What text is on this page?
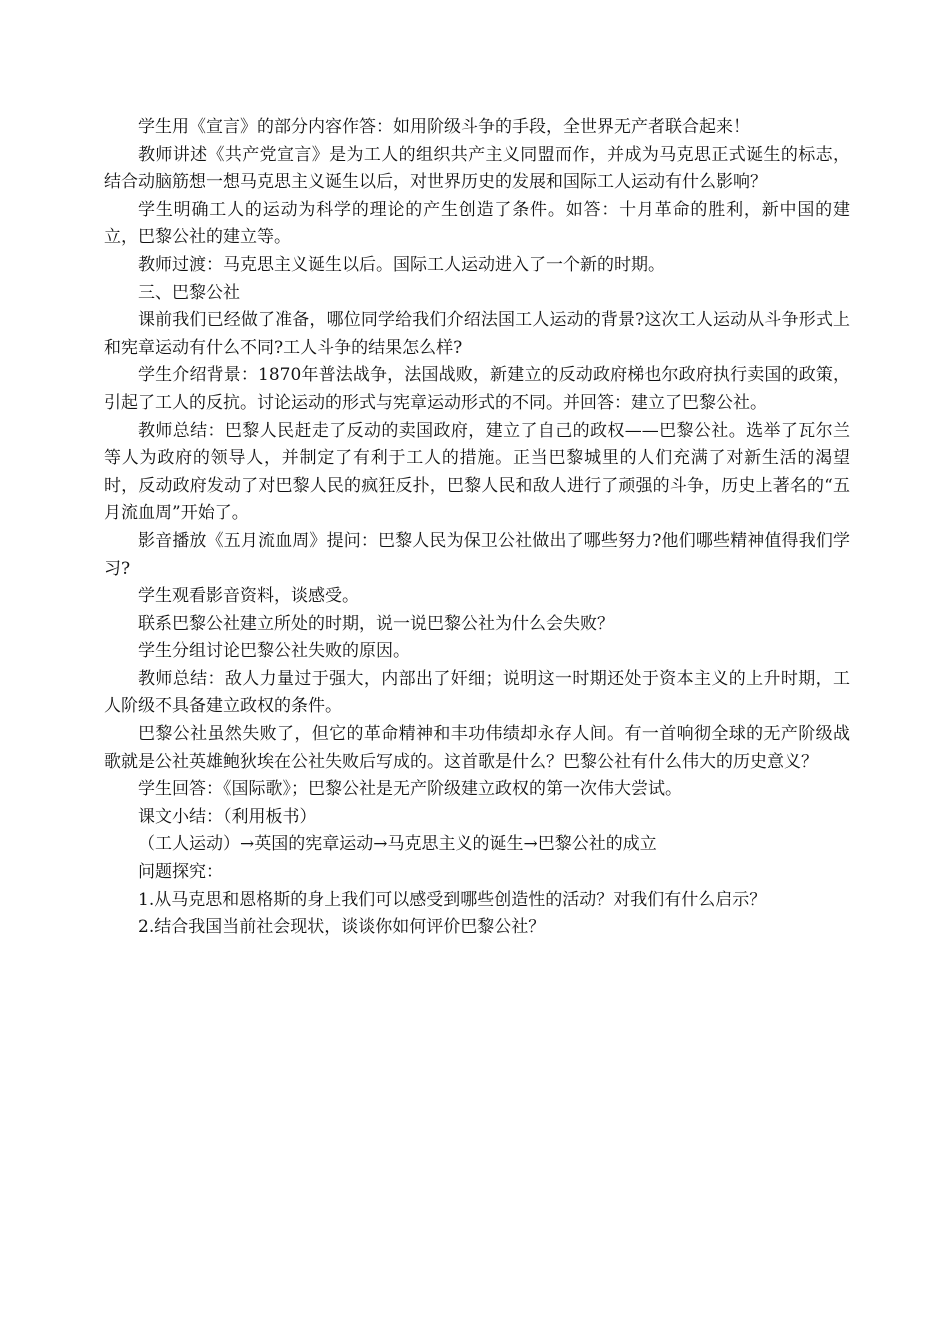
学生用《宣言》的部分内容作答：如用阶级斗争的手段，全世界无产者联合起来！

教师讲述《共产党宣言》是为工人的组织共产主义同盟而作，并成为马克思正式诞生的标志，结合动脑筋想一想马克思主义诞生以后，对世界历史的发展和国际工人运动有什么影响？

学生明确工人的运动为科学的理论的产生创造了条件。如答：十月革命的胜利，新中国的建立，巴黎公社的建立等。

教师过渡：马克思主义诞生以后。国际工人运动进入了一个新的时期。

三、巴黎公社

课前我们已经做了准备，哪位同学给我们介绍法国工人运动的背景?这次工人运动从斗争形式上和宪章运动有什么不同?工人斗争的结果怎么样?

学生介绍背景：1870年普法战争，法国战败，新建立的反动政府梯也尔政府执行卖国的政策，引起了工人的反抗。讨论运动的形式与宪章运动形式的不同。并回答：建立了巴黎公社。

教师总结：巴黎人民赶走了反动的卖国政府，建立了自己的政权——巴黎公社。选举了瓦尔兰等人为政府的领导人，并制定了有利于工人的措施。正当巴黎城里的人们充满了对新生活的渴望时，反动政府发动了对巴黎人民的疯狂反扑，巴黎人民和敌人进行了顽强的斗争，历史上著名的“五月流血周”开始了。

影音播放《五月流血周》提问：巴黎人民为保卫公社做出了哪些努力?他们哪些精神值得我们学习?

学生观看影音资料，谈感受。

联系巴黎公社建立所处的时期，说一说巴黎公社为什么会失败？

学生分组讨论巴黎公社失败的原因。

教师总结：敌人力量过于强大，内部出了奸细；说明这一时期还处于资本主义的上升时期，工人阶级不具备建立政权的条件。

巴黎公社虽然失败了，但它的革命精神和丰功伟绩却永存人间。有一首响彻全球的无产阶级战歌就是公社英雄鲍狄埃在公社失败后写成的。这首歌是什么？巴黎公社有什么伟大的历史意义？

学生回答：《国际歌》；巴黎公社是无产阶级建立政权的第一次伟大尝试。

课文小结：（利用板书）

（工人运动）→英国的宪章运动→马克思主义的诞生→巴黎公社的成立

问题探究：

1.从马克思和恩格斯的身上我们可以感受到哪些创造性的活动？对我们有什么启示？

2.结合我国当前社会现状，谈谈你如何评价巴黎公社？
